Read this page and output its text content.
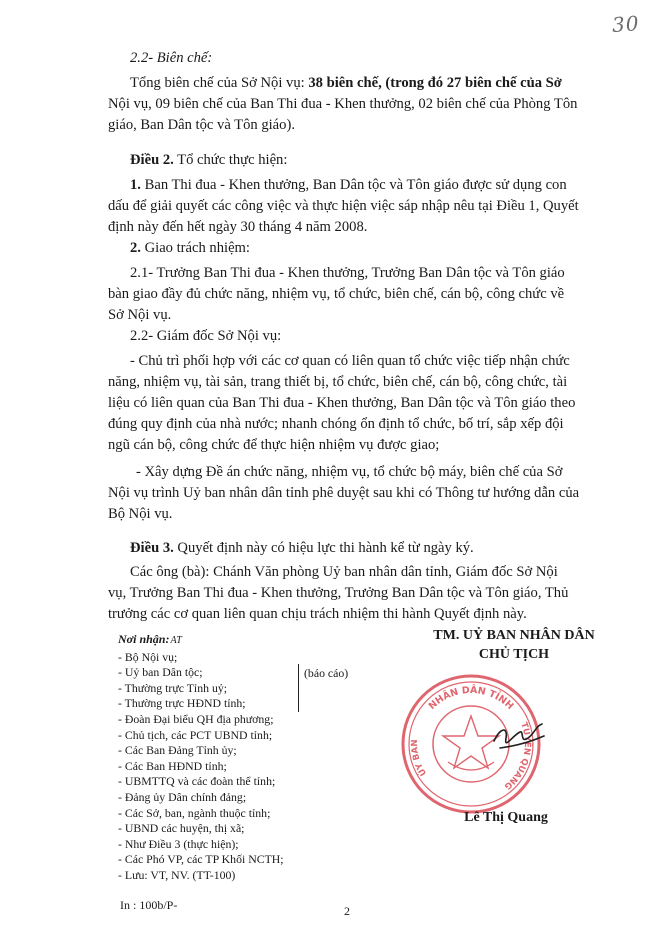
30

2.2- Biên chế:

Tổng biên chế của Sở Nội vụ: 38 biên chế, (trong đó 27 biên chế của Sở

Nội vụ, 09 biên chế của Ban Thi đua - Khen thưởng, 02 biên chế của Phòng Tôn

giáo, Ban Dân tộc và Tôn giáo).

Điều 2. Tổ chức thực hiện:

1. Ban Thi đua - Khen thưởng, Ban Dân tộc và Tôn giáo được sử dụng con

dấu để giải quyết các công việc và thực hiện việc sáp nhập nêu tại Điều 1, Quyết

định này đến hết ngày 30 tháng 4 năm 2008.

2. Giao trách nhiệm:

2.1- Trưởng Ban Thi đua - Khen thưởng, Trưởng Ban Dân tộc và Tôn giáo

bàn giao đầy đủ chức năng, nhiệm vụ, tổ chức, biên chế, cán bộ, công chức về

Sở Nội vụ.

2.2- Giám đốc Sở Nội vụ:

- Chủ trì phối hợp với các cơ quan có liên quan tổ chức việc tiếp nhận chức

năng, nhiệm vụ, tài sản, trang thiết bị, tổ chức, biên chế, cán bộ, công chức, tài

liệu có liên quan của Ban Thi đua - Khen thưởng, Ban Dân tộc và Tôn giáo theo

đúng quy định của nhà nước; nhanh chóng ổn định tổ chức, bố trí, sắp xếp đội

ngũ cán bộ, công chức để thực hiện nhiệm vụ được giao;

- Xây dựng Đề án chức năng, nhiệm vụ, tổ chức bộ máy, biên chế của Sở

Nội vụ trình Uỷ ban nhân dân tỉnh phê duyệt sau khi có Thông tư hướng dẫn của

Bộ Nội vụ.

Điều 3. Quyết định này có hiệu lực thi hành kể từ ngày ký.

Các ông (bà): Chánh Văn phòng Uỷ ban nhân dân tỉnh, Giám đốc Sở Nội

vụ, Trưởng Ban Thi đua - Khen thưởng, Trưởng Ban Dân tộc và Tôn giáo, Thủ

trưởng các cơ quan liên quan chịu trách nhiệm thi hành Quyết định này.

Nơi nhận:AT
- Bộ Nội vụ;
- Uỷ ban Dân tộc;
- Thường trực Tỉnh uỷ;
- Thường trực HĐND tỉnh;
- Đoàn Đại biểu QH địa phương;
- Chủ tịch, các PCT UBND tỉnh;
- Các Ban Đảng Tỉnh ủy;
- Các Ban HĐND tỉnh;
- UBMTTQ và các đoàn thể tỉnh;
- Đảng ủy Dân chính đảng;
- Các Sở, ban, ngành thuộc tỉnh;
- UBND các huyện, thị xã;
- Như Điều 3 (thực hiện);
- Các Phó VP, các TP Khối NCTH;
- Lưu: VT, NV. (TT-100)
(báo cáo)
TM. UỶ BAN NHÂN DÂN
CHỦ TỊCH
NHÂN DÂN TỈNH
ỦY BAN
TUYÊN QUANG
Lê Thị Quang
In : 100b/P-	2
